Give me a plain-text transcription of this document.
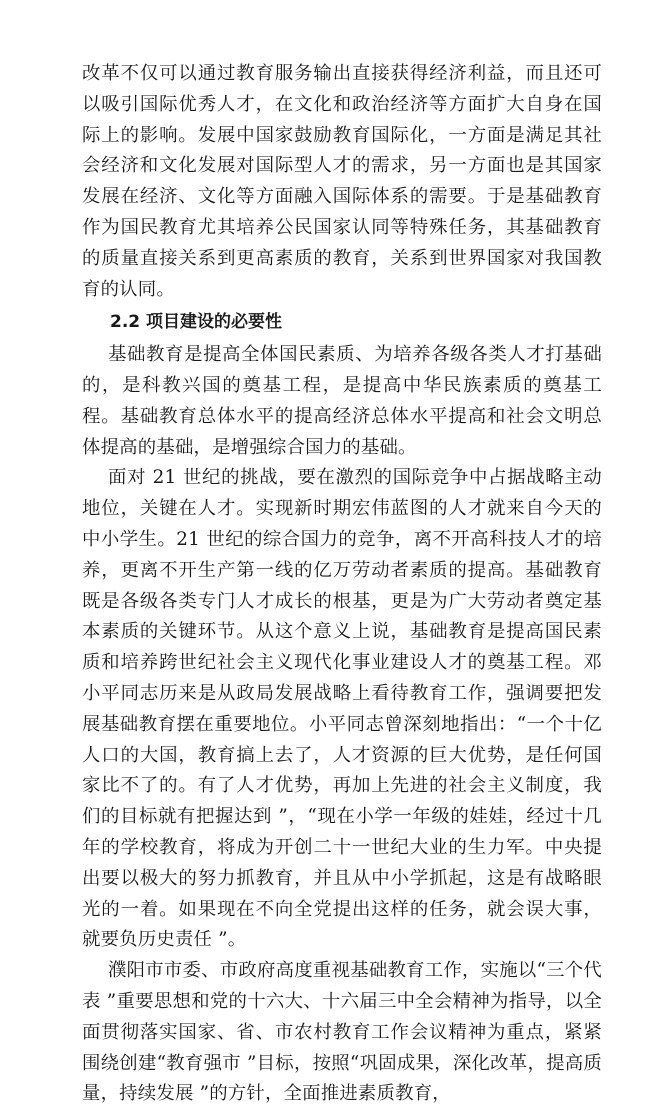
改革不仅可以通过教育服务输出直接获得经济利益，而且还可以吸引国际优秀人才，在文化和政治经济等方面扩大自身在国际上的影响。发展中国家鼓励教育国际化，一方面是满足其社会经济和文化发展对国际型人才的需求，另一方面也是其国家发展在经济、文化等方面融入国际体系的需要。于是基础教育作为国民教育尤其培养公民国家认同等特殊任务，其基础教育的质量直接关系到更高素质的教育，关系到世界国家对我国教育的认同。

2.2 项目建设的必要性

基础教育是提高全体国民素质、为培养各级各类人才打基础的，是科教兴国的奠基工程，是提高中华民族素质的奠基工程。基础教育总体水平的提高经济总体水平提高和社会文明总体提高的基础，是增强综合国力的基础。

面对 21 世纪的挑战，要在激烈的国际竞争中占据战略主动地位，关键在人才。实现新时期宏伟蓝图的人才就来自今天的中小学生。21 世纪的综合国力的竞争，离不开高科技人才的培养，更离不开生产第一线的亿万劳动者素质的提高。基础教育既是各级各类专门人才成长的根基，更是为广大劳动者奠定基本素质的关键环节。从这个意义上说，基础教育是提高国民素质和培养跨世纪社会主义现代化事业建设人才的奠基工程。邓小平同志历来是从政局发展战略上看待教育工作，强调要把发展基础教育摆在重要地位。小平同志曾深刻地指出：“一个十亿人口的大国，教育搞上去了，人才资源的巨大优势，是任何国家比不了的。有了人才优势，再加上先进的社会主义制度，我们的目标就有把握达到 ”，“现在小学一年级的娃娃，经过十几年的学校教育，将成为开创二十一世纪大业的生力军。中央提出要以极大的努力抓教育，并且从中小学抓起，这是有战略眼光的一着。如果现在不向全党提出这样的任务，就会误大事，就要负历史责任 ”。

濮阳市市委、市政府高度重视基础教育工作，实施以“三个代表 ”重要思想和党的十六大、十六届三中全会精神为指导，以全面贯彻落实国家、省、市农村教育工作会议精神为重点，紧紧围绕创建“教育强市 ”目标，按照“巩固成果，深化改革，提高质量，持续发展 ”的方针，全面推进素质教育，
